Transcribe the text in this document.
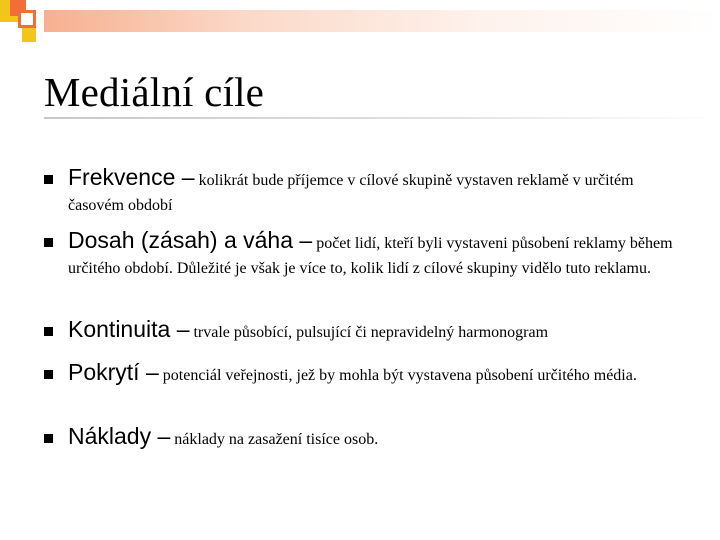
Mediální cíle
Frekvence – kolikrát bude příjemce v cílové skupině vystaven reklamě v určitém časovém období
Dosah (zásah) a váha – počet lidí, kteří byli vystaveni působení reklamy během určitého období. Důležité je však je více to, kolik lidí z cílové skupiny vidělo tuto reklamu.
Kontinuita – trvale působící, pulsující či nepravidelný harmonogram
Pokrytí – potenciál veřejnosti, jež by mohla být vystavena působení určitého média.
Náklady – náklady na zasažení tisíce osob.
